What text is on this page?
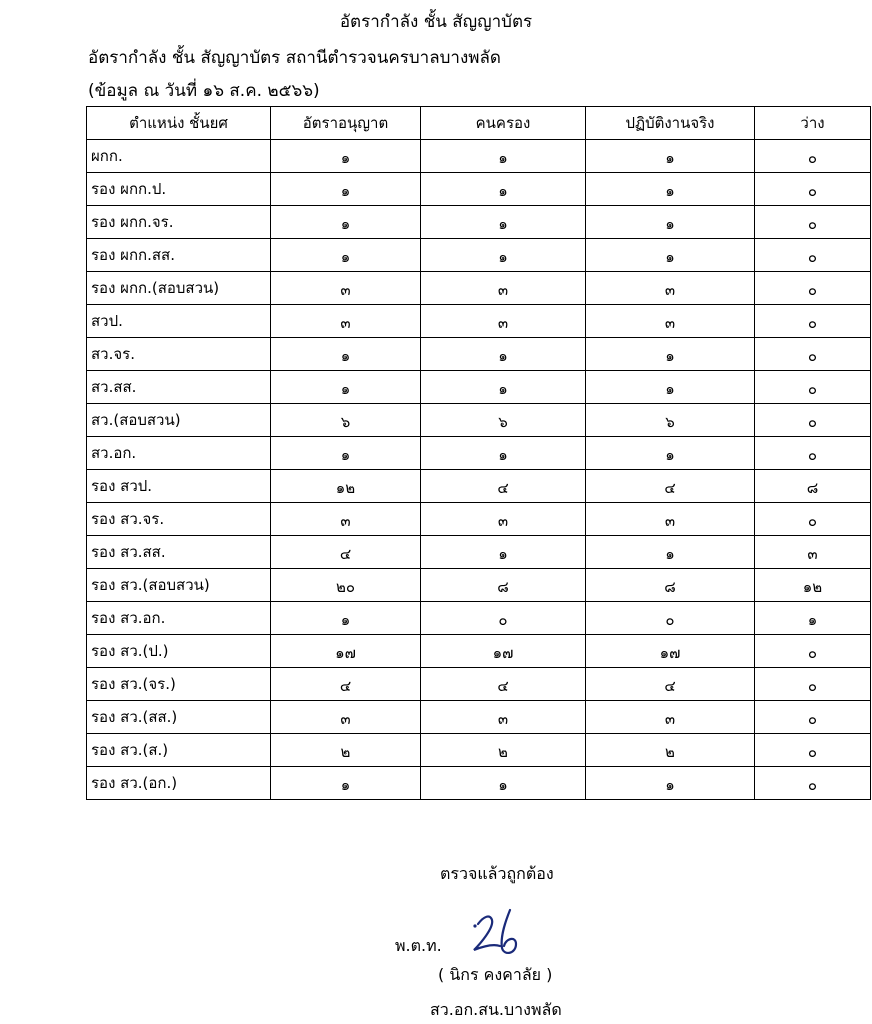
อัตรากำลัง ชั้น สัญญาบัตร
อัตรากำลัง ชั้น สัญญาบัตร สถานีตำรวจนครบาลบางพลัด
(ข้อมูล ณ วันที่ ๑๖ ส.ค. ๒๕๖๖)
ตำแหน่ง ชั้นยศ	อัตราอนุญาต	คนครอง	ปฏิบัติงานจริง	ว่าง
ผกก.	๑	๑	๑	๐
รอง ผกก.ป.	๑	๑	๑	๐
รอง ผกก.จร.	๑	๑	๑	๐
รอง ผกก.สส.	๑	๑	๑	๐
รอง ผกก.(สอบสวน)	๓	๓	๓	๐
สวป.	๓	๓	๓	๐
สว.จร.	๑	๑	๑	๐
สว.สส.	๑	๑	๑	๐
สว.(สอบสวน)	๖	๖	๖	๐
สว.อก.	๑	๑	๑	๐
รอง สวป.	๑๒	๔	๔	๘
รอง สว.จร.	๓	๓	๓	๐
รอง สว.สส.	๔	๑	๑	๓
รอง สว.(สอบสวน)	๒๐	๘	๘	๑๒
รอง สว.อก.	๑	๐	๐	๑
รอง สว.(ป.)	๑๗	๑๗	๑๗	๐
รอง สว.(จร.)	๔	๔	๔	๐
รอง สว.(สส.)	๓	๓	๓	๐
รอง สว.(ส.)	๒	๒	๒	๐
รอง สว.(อก.)	๑	๑	๑	๐
ตรวจแล้วถูกต้อง
พ.ต.ท.
( นิกร คงคาลัย )
สว.อก.สน.บางพลัด
